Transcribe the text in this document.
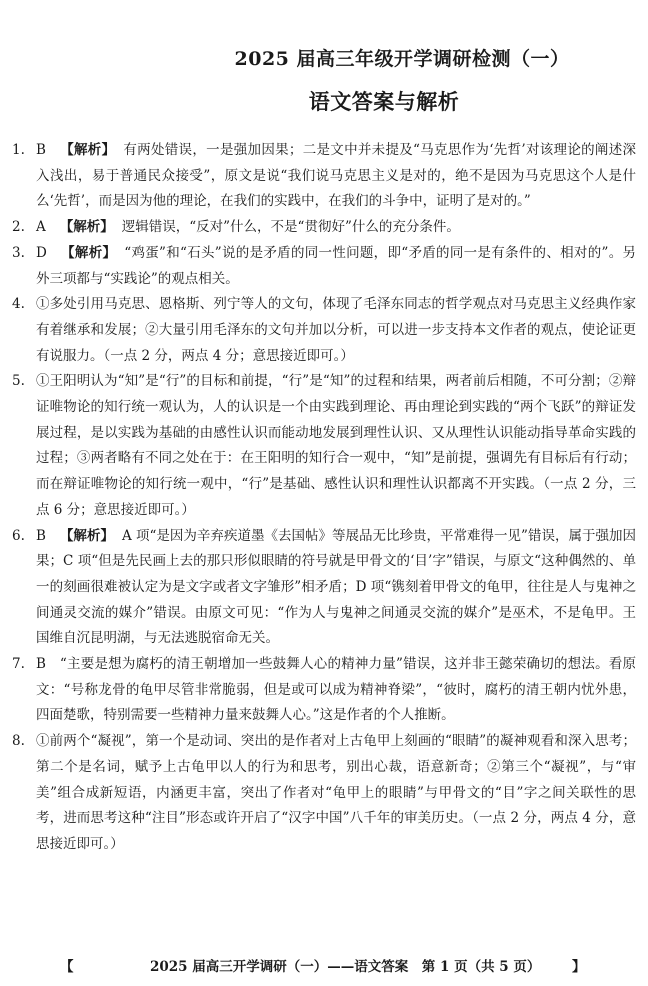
2025 届高三年级开学调研检测（一）
语文答案与解析
1. B 【解析】 有两处错误，一是强加因果；二是文中并未提及“马克思作为‘先哲’对该理论的阐述深入浅出，易于普通民众接受”，原文是说“我们说马克思主义是对的，绝不是因为马克思这个人是什么‘先哲’，而是因为他的理论，在我们的实践中，在我们的斗争中，证明了是对的。”
2. A 【解析】 逻辑错误，“反对”什么，不是“贯彻好”什么的充分条件。
3. D 【解析】 “鸡蛋”和“石头”说的是矛盾的同一性问题，即“矛盾的同一是有条件的、相对的”。另外三项都与“实践论”的观点相关。
4. ①多处引用马克思、恩格斯、列宁等人的文句，体现了毛泽东同志的哲学观点对马克思主义经典作家有着继承和发展；②大量引用毛泽东的文句并加以分析，可以进一步支持本文作者的观点，使论证更有说服力。（一点 2 分，两点 4 分；意思接近即可。）
5. ①王阳明认为“知”是“行”的目标和前提，“行”是“知”的过程和结果，两者前后相随，不可分割；②辩证唯物论的知行统一观认为，人的认识是一个由实践到理论、再由理论到实践的“两个飞跃”的辩证发展过程，是以实践为基础的由感性认识而能动地发展到理性认识、又从理性认识能动指导革命实践的过程；③两者略有不同之处在于：在王阳明的知行合一观中，“知”是前提，强调先有目标后有行动；而在辩证唯物论的知行统一观中，“行”是基础、感性认识和理性认识都离不开实践。（一点 2 分，三点 6 分；意思接近即可。）
6. B 【解析】 A 项“是因为辛弃疾道墨《去国帖》等展品无比珍贵，平常难得一见”错误，属于强加因果；C 项“但是先民画上去的那只形似眼睛的符号就是甲骨文的‘目’字”错误，与原文“这种偶然的、单一的刻画很难被认定为是文字或者文字雏形”相矛盾；D 项“镌刻着甲骨文的龟甲，往往是人与鬼神之间通灵交流的媒介”错误。由原文可见：“作为人与鬼神之间通灵交流的媒介”是巫术，不是龟甲。王国维自沉昆明湖，与无法逃脱宿命无关。
7. B “主要是想为腐朽的清王朝增加一些鼓舞人心的精神力量”错误，这并非王懿荣确切的想法。看原文：“号称龙骨的龟甲尽管非常脆弱，但是或可以成为精神脊梁”，“彼时，腐朽的清王朝内忧外患，四面楚歌，特别需要一些精神力量来鼓舞人心。”这是作者的个人推断。
8. ①前两个“凝视”，第一个是动词、突出的是作者对上古龟甲上刻画的“眼睛”的凝神观看和深入思考；第二个是名词，赋予上古龟甲以人的行为和思考，别出心裁，语意新奇；②第三个“凝视”，与“审美”组合成新短语，内涵更丰富，突出了作者对“龟甲上的眼睛”与甲骨文的“目”字之间关联性的思考，进而思考这种“注目”形态或许开启了“汉字中国”八千年的审美历史。（一点 2 分，两点 4 分，意思接近即可。）
【	2025 届高三开学调研（一）——语文答案　第 1 页（共 5 页） 】
